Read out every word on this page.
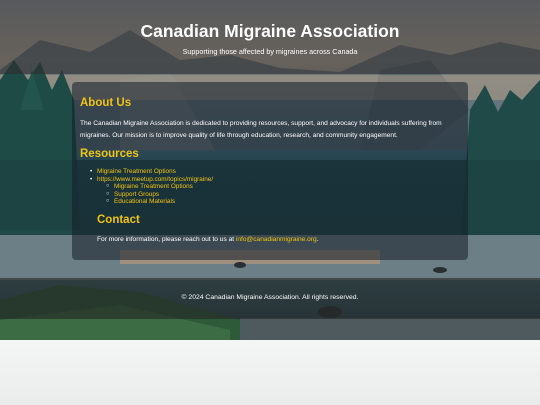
Canadian Migraine Association

Supporting those affected by migraines across Canada

About Us
The Canadian Migraine Association is dedicated to providing resources, support, and advocacy for individuals suffering from migraines. Our mission is to improve quality of life through education, research, and community engagement.
Resources
• Migraine Treatment Options
• https://www.meetup.com/topics/migraine/
○ Migraine Treatment Options
○ Support Groups
○ Educational Materials
Contact
For more information, please reach out to us at info@canadianmigraine.org.
© 2024 Canadian Migraine Association. All rights reserved.
